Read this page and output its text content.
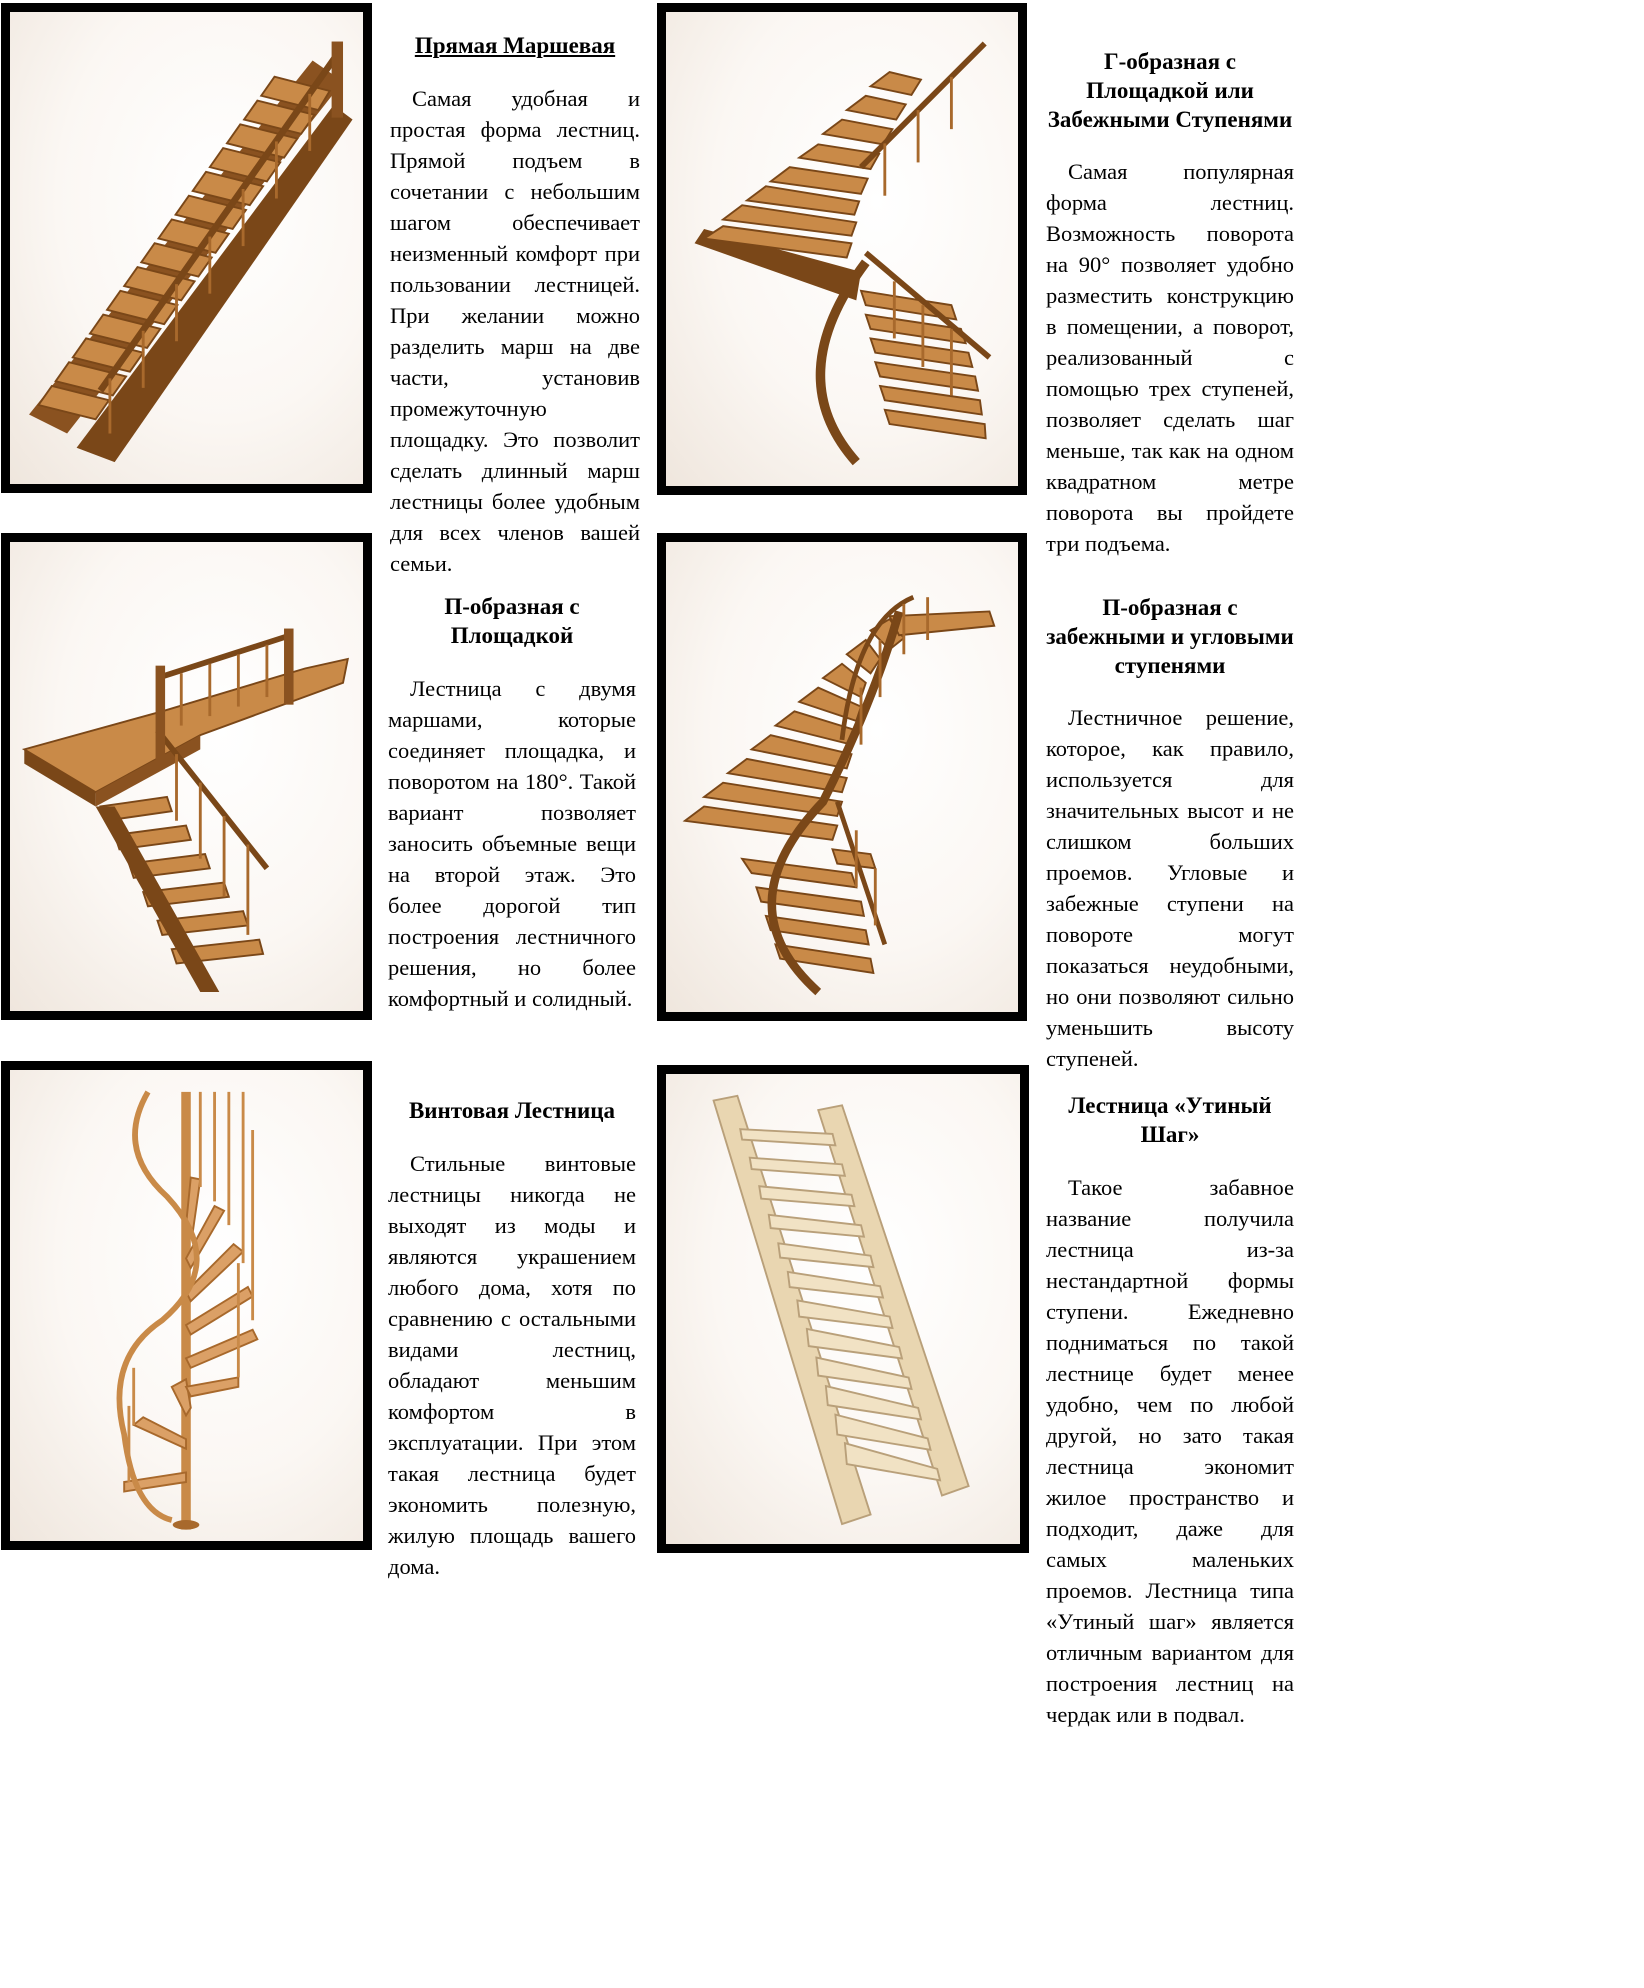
Прямая Маршевая

Самая удобная и простая форма лестниц. Прямой подъем в сочетании с небольшим шагом обеспечивает неизменный комфорт при пользовании лестницей. При желании можно разделить марш на две части, установив промежуточную площадку. Это позволит сделать длинный марш лестницы более удобным для всех членов вашей семьи.

Г-образная с Площадкой или Забежными Ступенями

Самая популярная форма лестниц. Возможность поворота на 90° позволяет удобно разместить конструкцию в помещении, а поворот, реализованный с помощью трех ступеней, позволяет сделать шаг меньше, так как на одном квадратном метре поворота вы пройдете три подъема.

П-образная с Площадкой

Лестница с двумя маршами, которые соединяет площадка, и поворотом на 180°. Такой вариант позволяет заносить объемные вещи на второй этаж. Это более дорогой тип построения лестничного решения, но более комфортный и солидный.

П-образная с забежными и угловыми ступенями

Лестничное решение, которое, как правило, используется для значительных высот и не слишком больших проемов. Угловые и забежные ступени на повороте могут показаться неудобными, но они позволяют сильно уменьшить высоту ступеней.

Винтовая Лестница

Стильные винтовые лестницы никогда не выходят из моды и являются украшением любого дома, хотя по сравнению с остальными видами лестниц, обладают меньшим комфортом в эксплуатации. При этом такая лестница будет экономить полезную, жилую площадь вашего дома.

Лестница «Утиный Шаг»

Такое забавное название получила лестница из-за нестандартной формы ступени. Ежедневно подниматься по такой лестнице будет менее удобно, чем по любой другой, но зато такая лестница экономит жилое пространство и подходит, даже для самых маленьких проемов. Лестница типа «Утиный шаг» является отличным вариантом для построения лестниц на чердак или в подвал.
